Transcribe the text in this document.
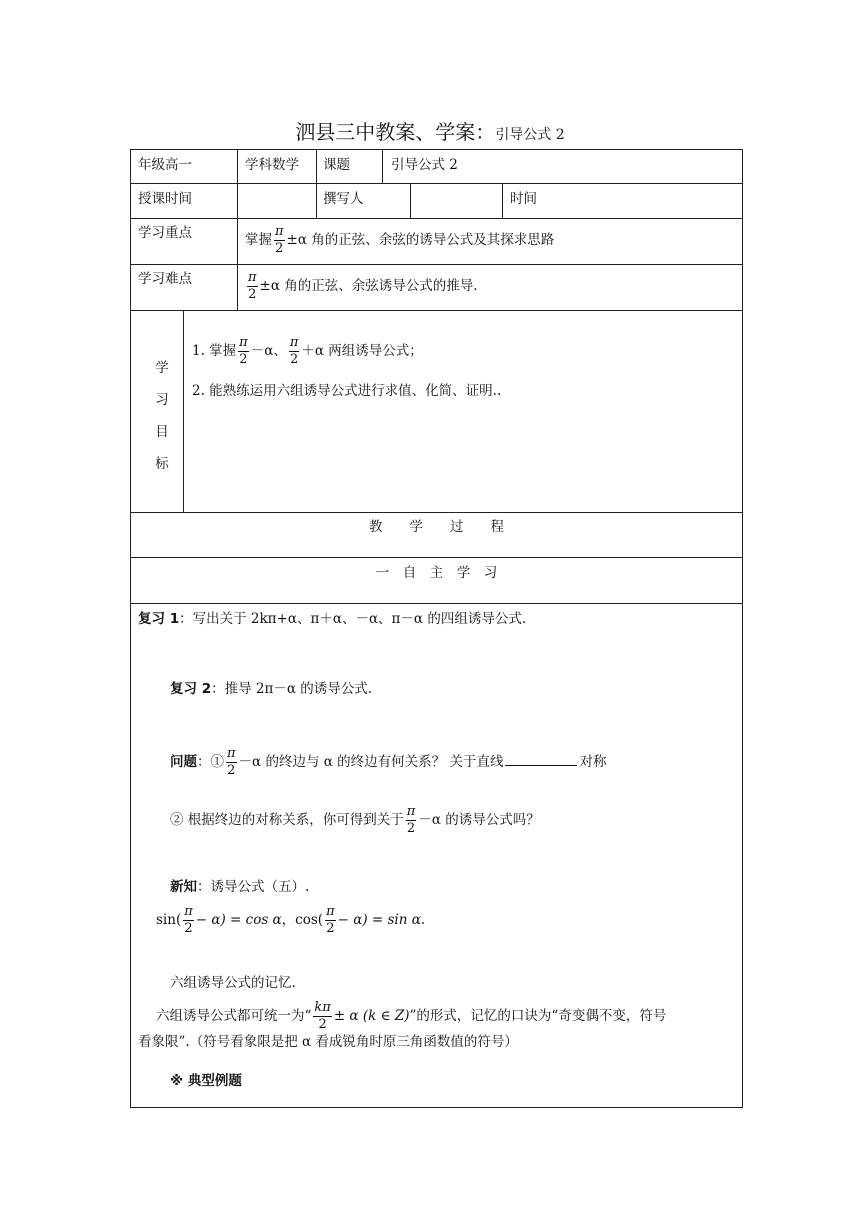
泗县三中教案、学案：引导公式 2
年级高一	学科数学 课题	引导公式 2
授课时间	撰写人	时间
学习重点	掌握 $\frac{\pi}{2} \pm\alpha$ 角的正弦、余弦的诱导公式及其探求思路
学习难点	$\frac{\pi}{2} \pm\alpha$ 角的正弦、余弦诱导公式的推导.
学
习
目
标
1. 掌握 $\frac{\pi}{2} -\alpha$、 $\frac{\pi}{2} +\alpha$ 两组诱导公式；
2. 能熟练运用六组诱导公式进行求值、化简、证明..
教　　学　　过　　程
一　自　主　学　习
复习 1：写出关于 2kπ+α、π＋α、－α、π－α 的四组诱导公式.
复习 2：推导 2π－α 的诱导公式.
问题：① $\frac{\pi}{2} -\alpha$ 的终边与 α 的终边有何关系？ 关于直线	对称
② 根据终边的对称关系，你可得到关于 $\frac{\pi}{2} -\alpha$ 的诱导公式吗？
新知：诱导公式（五）.
$\sin( \frac{\pi}{2} - \alpha) = \cos \alpha$，$\cos( \frac{\pi}{2} - \alpha) = \sin \alpha$.
六组诱导公式的记忆.
六组诱导公式都可统一为“ $\frac{k\pi}{2} \pm \alpha$ (k ∈ Z)”的形式，记忆的口诀为“奇变偶不变，符号
看象限”.（符号看象限是把 α 看成锐角时原三角函数值的符号）
※ 典型例题
